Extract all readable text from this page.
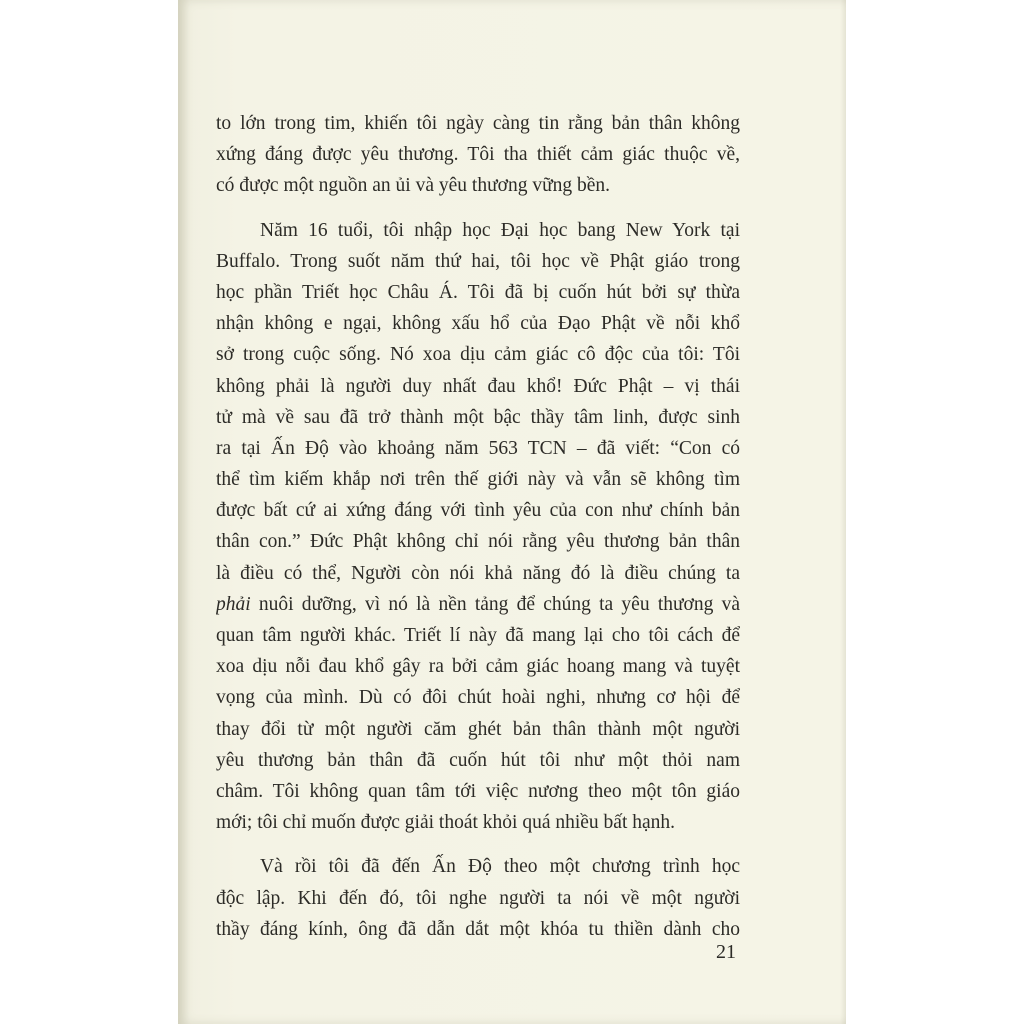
to lớn trong tim, khiến tôi ngày càng tin rằng bản thân không
xứng đáng được yêu thương. Tôi tha thiết cảm giác thuộc về,
có được một nguồn an ủi và yêu thương vững bền.
Năm 16 tuổi, tôi nhập học Đại học bang New York tại
Buffalo. Trong suốt năm thứ hai, tôi học về Phật giáo trong
học phần Triết học Châu Á. Tôi đã bị cuốn hút bởi sự thừa
nhận không e ngại, không xấu hổ của Đạo Phật về nỗi khổ
sở trong cuộc sống. Nó xoa dịu cảm giác cô độc của tôi: Tôi
không phải là người duy nhất đau khổ! Đức Phật – vị thái
tử mà về sau đã trở thành một bậc thầy tâm linh, được sinh
ra tại Ấn Độ vào khoảng năm 563 TCN – đã viết: “Con có
thể tìm kiếm khắp nơi trên thế giới này và vẫn sẽ không tìm
được bất cứ ai xứng đáng với tình yêu của con như chính bản
thân con.” Đức Phật không chỉ nói rằng yêu thương bản thân
là điều có thể, Người còn nói khả năng đó là điều chúng ta
phải nuôi dưỡng, vì nó là nền tảng để chúng ta yêu thương và
quan tâm người khác. Triết lí này đã mang lại cho tôi cách để
xoa dịu nỗi đau khổ gây ra bởi cảm giác hoang mang và tuyệt
vọng của mình. Dù có đôi chút hoài nghi, nhưng cơ hội để
thay đổi từ một người căm ghét bản thân thành một người
yêu thương bản thân đã cuốn hút tôi như một thỏi nam
châm. Tôi không quan tâm tới việc nương theo một tôn giáo
mới; tôi chỉ muốn được giải thoát khỏi quá nhiều bất hạnh.
Và rồi tôi đã đến Ấn Độ theo một chương trình học
độc lập. Khi đến đó, tôi nghe người ta nói về một người
thầy đáng kính, ông đã dẫn dắt một khóa tu thiền dành cho
21
